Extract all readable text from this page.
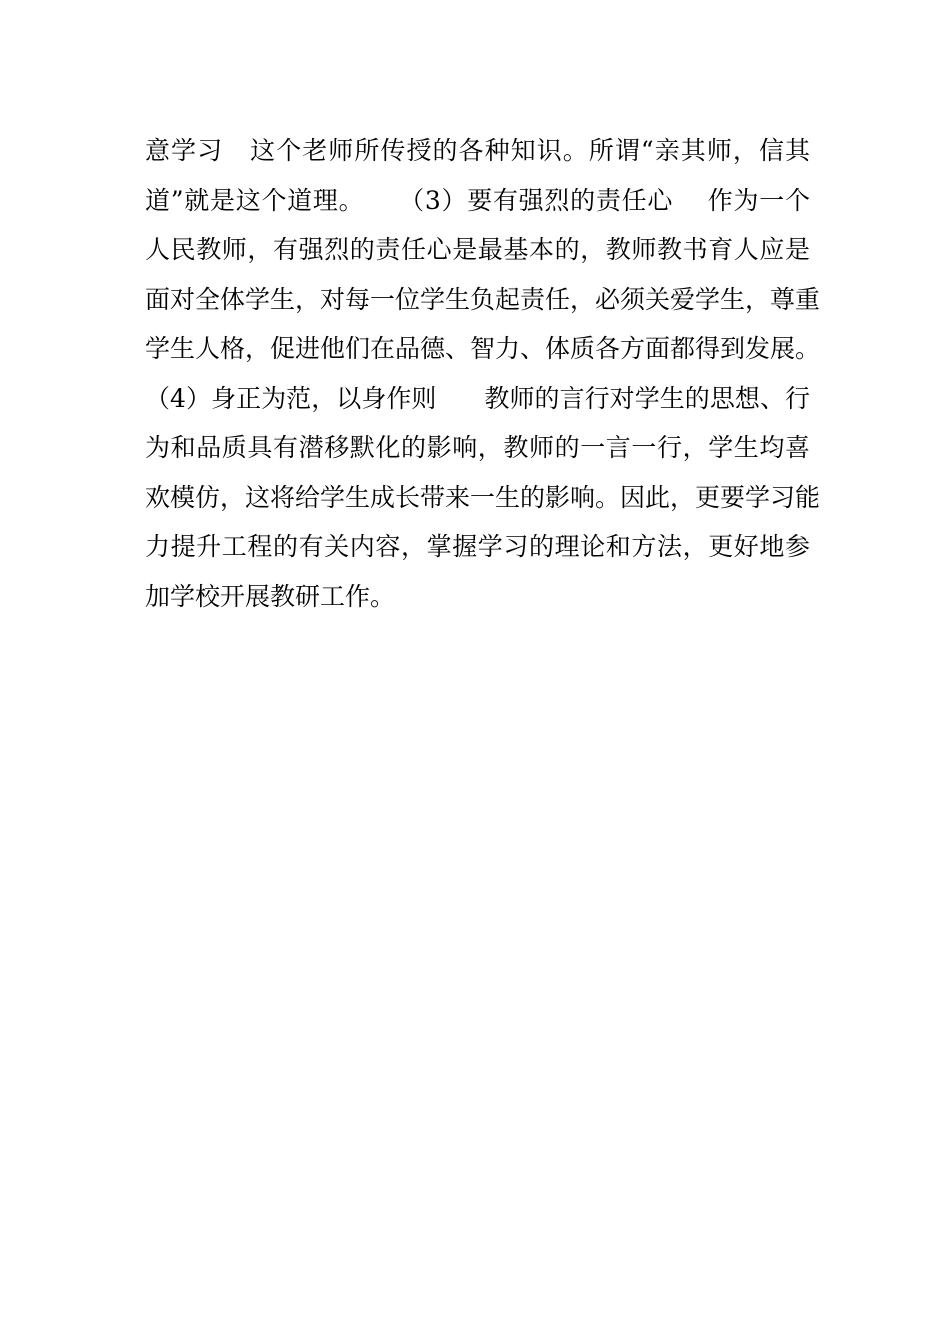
意学习   这个老师所传授的各种知识。所谓“亲其师，信其
道”就是这个道理。    （3）要有强烈的责任心    作为一个
人民教师，有强烈的责任心是最基本的，教师教书育人应是
面对全体学生，对每一位学生负起责任，必须关爱学生，尊重
学生人格，促进他们在品德、智力、体质各方面都得到发展。
（4）身正为范，以身作则      教师的言行对学生的思想、行
为和品质具有潜移默化的影响，教师的一言一行，学生均喜
欢模仿，这将给学生成长带来一生的影响。因此，更要学习能
力提升工程的有关内容，掌握学习的理论和方法，更好地参
加学校开展教研工作。
